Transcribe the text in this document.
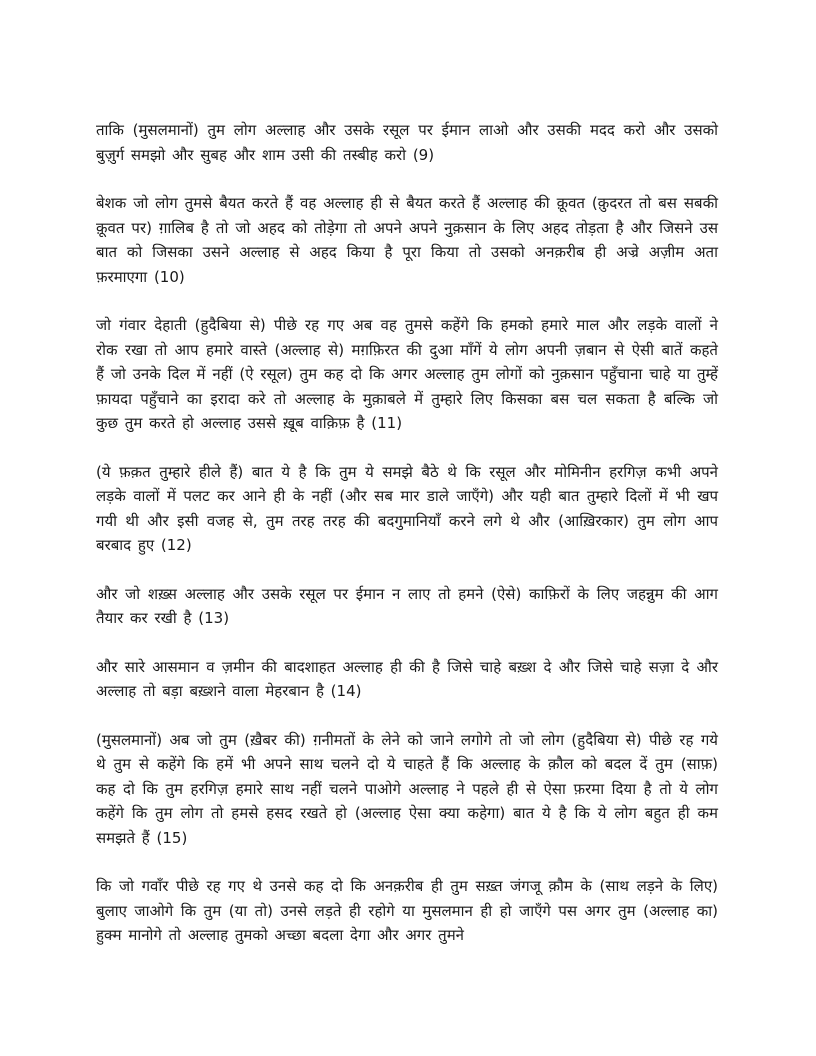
ताकि (मुसलमानों) तुम लोग अल्लाह और उसके रसूल पर ईमान लाओ और उसकी मदद करो और उसको बुज़ुर्ग समझो और सुबह और शाम उसी की तस्बीह करो (9)

बेशक जो लोग तुमसे बैयत करते हैं वह अल्लाह ही से बैयत करते हैं अल्लाह की क़ूवत (क़ुदरत तो बस सबकी क़ूवत पर) ग़ालिब है तो जो अहद को तोड़ेगा तो अपने अपने नुक़सान के लिए अहद तोड़ता है और जिसने उस बात को जिसका उसने अल्लाह से अहद किया है पूरा किया तो उसको अनक़रीब ही अज्रे अज़ीम अता फ़रमाएगा (10)

जो गंवार देहाती (हुदैबिया से) पीछे रह गए अब वह तुमसे कहेंगे कि हमको हमारे माल और लड़के वालों ने रोक रखा तो आप हमारे वास्ते (अल्लाह से) मग़फ़िरत की दुआ माँगें ये लोग अपनी ज़बान से ऐसी बातें कहते हैं जो उनके दिल में नहीं (ऐ रसूल) तुम कह दो कि अगर अल्लाह तुम लोगों को नुक़सान पहुँचाना चाहे या तुम्हें फ़ायदा पहुँचाने का इरादा करे तो अल्लाह के मुक़ाबले में तुम्हारे लिए किसका बस चल सकता है बल्कि जो कुछ तुम करते हो अल्लाह उससे ख़ूब वाक़िफ़ है (11)

(ये फ़क़त तुम्हारे हीले हैं) बात ये है कि तुम ये समझे बैठे थे कि रसूल और मोमिनीन हरगिज़ कभी अपने लड़के वालों में पलट कर आने ही के नहीं (और सब मार डाले जाएँगे) और यही बात तुम्हारे दिलों में भी खप गयी थी और इसी वजह से, तुम तरह तरह की बदगुमानियाँ करने लगे थे और (आख़िरकार) तुम लोग आप बरबाद हुए (12)

और जो शख़्स अल्लाह और उसके रसूल पर ईमान न लाए तो हमने (ऐसे) काफ़िरों के लिए जहन्नुम की आग तैयार कर रखी है (13)

और सारे आसमान व ज़मीन की बादशाहत अल्लाह ही की है जिसे चाहे बख़्श दे और जिसे चाहे सज़ा दे और अल्लाह तो बड़ा बख़्शने वाला मेहरबान है (14)

(मुसलमानों) अब जो तुम (ख़ैबर की) ग़नीमतों के लेने को जाने लगोगे तो जो लोग (हुदैबिया से) पीछे रह गये थे तुम से कहेंगे कि हमें भी अपने साथ चलने दो ये चाहते हैं कि अल्लाह के क़ौल को बदल दें तुम (साफ़) कह दो कि तुम हरगिज़ हमारे साथ नहीं चलने पाओगे अल्लाह ने पहले ही से ऐसा फ़रमा दिया है तो ये लोग कहेंगे कि तुम लोग तो हमसे हसद रखते हो (अल्लाह ऐसा क्या कहेगा) बात ये है कि ये लोग बहुत ही कम समझते हैं (15)

कि जो गवाँर पीछे रह गए थे उनसे कह दो कि अनक़रीब ही तुम सख़्त जंगजू क़ौम के (साथ लड़ने के लिए) बुलाए जाओगे कि तुम (या तो) उनसे लड़ते ही रहोगे या मुसलमान ही हो जाएँगे पस अगर तुम (अल्लाह का) हुक्म मानोगे तो अल्लाह तुमको अच्छा बदला देगा और अगर तुमने
